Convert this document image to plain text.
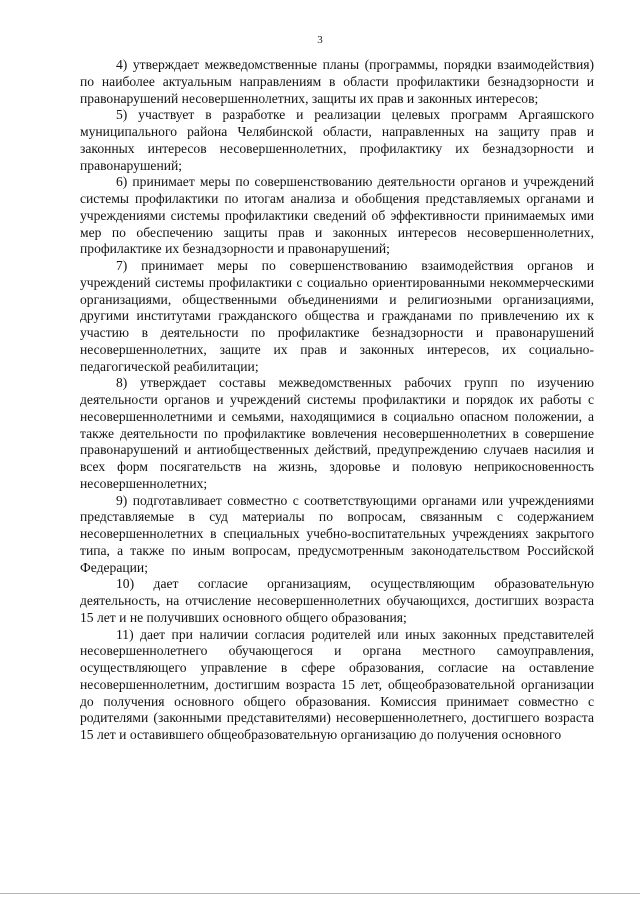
3

4) утверждает межведомственные планы (программы, порядки взаимодействия) по наиболее актуальным направлениям в области профилактики безнадзорности и правонарушений несовершеннолетних, защиты их прав и законных интересов;

5) участвует в разработке и реализации целевых программ Аргаяшского муниципального района Челябинской области, направленных на защиту прав и законных интересов несовершеннолетних, профилактику их безнадзорности и правонарушений;

6) принимает меры по совершенствованию деятельности органов и учреждений системы профилактики по итогам анализа и обобщения представляемых органами и учреждениями системы профилактики сведений об эффективности принимаемых ими мер по обеспечению защиты прав и законных интересов несовершеннолетних, профилактике их безнадзорности и правонарушений;

7) принимает меры по совершенствованию взаимодействия органов и учреждений системы профилактики с социально ориентированными некоммерческими организациями, общественными объединениями и религиозными организациями, другими институтами гражданского общества и гражданами по привлечению их к участию в деятельности по профилактике безнадзорности и правонарушений несовершеннолетних, защите их прав и законных интересов, их социально-педагогической реабилитации;

8) утверждает составы межведомственных рабочих групп по изучению деятельности органов и учреждений системы профилактики и порядок их работы с несовершеннолетними и семьями, находящимися в социально опасном положении, а также деятельности по профилактике вовлечения несовершеннолетних в совершение правонарушений и антиобщественных действий, предупреждению случаев насилия и всех форм посягательств на жизнь, здоровье и половую неприкосновенность несовершеннолетних;

9) подготавливает совместно с соответствующими органами или учреждениями представляемые в суд материалы по вопросам, связанным с содержанием несовершеннолетних в специальных учебно-воспитательных учреждениях закрытого типа, а также по иным вопросам, предусмотренным законодательством Российской Федерации;

10) дает согласие организациям, осуществляющим образовательную деятельность, на отчисление несовершеннолетних обучающихся, достигших возраста 15 лет и не получивших основного общего образования;

11) дает при наличии согласия родителей или иных законных представителей несовершеннолетнего обучающегося и органа местного самоуправления, осуществляющего управление в сфере образования, согласие на оставление несовершеннолетним, достигшим возраста 15 лет, общеобразовательной организации до получения основного общего образования. Комиссия принимает совместно с родителями (законными представителями) несовершеннолетнего, достигшего возраста 15 лет и оставившего общеобразовательную организацию до получения основного
